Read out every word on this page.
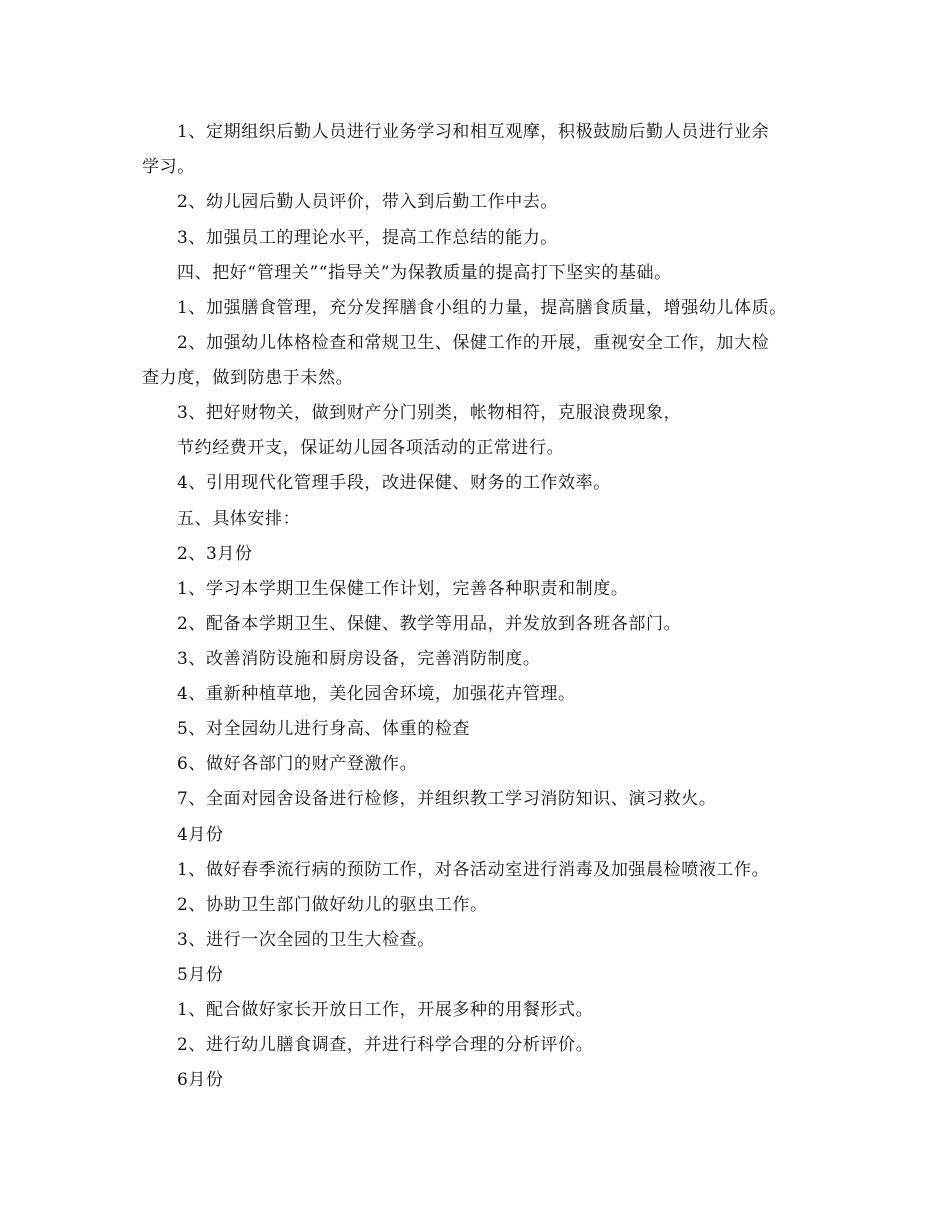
1、定期组织后勤人员进行业务学习和相互观摩，积极鼓励后勤人员进行业余

学习。

2、幼儿园后勤人员评价，带入到后勤工作中去。

3、加强员工的理论水平，提高工作总结的能力。

四、把好“管理关”“指导关”为保教质量的提高打下坚实的基础。

1、加强膳食管理，充分发挥膳食小组的力量，提高膳食质量，增强幼儿体质。

2、加强幼儿体格检查和常规卫生、保健工作的开展，重视安全工作，加大检

查力度，做到防患于未然。

3、把好财物关，做到财产分门别类，帐物相符，克服浪费现象，

节约经费开支，保证幼儿园各项活动的正常进行。

4、引用现代化管理手段，改进保健、财务的工作效率。

五、具体安排：

2、3月份

1、学习本学期卫生保健工作计划，完善各种职责和制度。

2、配备本学期卫生、保健、教学等用品，并发放到各班各部门。

3、改善消防设施和厨房设备，完善消防制度。

4、重新种植草地，美化园舍环境，加强花卉管理。

5、对全园幼儿进行身高、体重的检查

6、做好各部门的财产登激作。

7、全面对园舍设备进行检修，并组织教工学习消防知识、演习救火。

4月份

1、做好春季流行病的预防工作，对各活动室进行消毒及加强晨检喷液工作。

2、协助卫生部门做好幼儿的驱虫工作。

3、进行一次全园的卫生大检查。

5月份

1、配合做好家长开放日工作，开展多种的用餐形式。

2、进行幼儿膳食调查，并进行科学合理的分析评价。

6月份
